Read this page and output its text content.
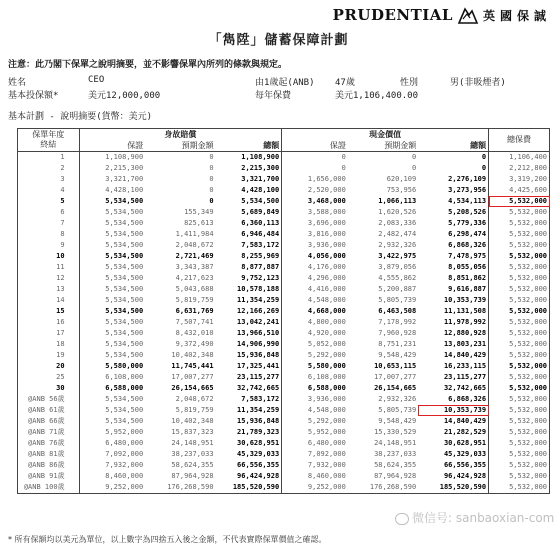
PRUDENTIAL	英國保誠
「雋陞」儲蓄保障計劃
注意：此乃閣下保單之說明摘要，並不影響保單內所列的條款與規定。
姓名	CEO	由1歲起(ANB) 47歲	性別	男(非吸煙者)
基本投保額*	美元12,000,000	每年保費	美元1,106,400.00
基本計劃 - 說明摘要(貨幣：美元)
保單年度
終結	身故賠償			現金價值			總保費
	保證	預期金額	總額	保證	預期金額	總額	
1	1,108,900	0	1,108,900	0	0	0	1,106,400
2	2,215,300	0	2,215,300	0	0	0	2,212,800
3	3,321,700	0	3,321,700	1,656,000	620,109	2,276,109	3,319,200
4	4,428,100	0	4,428,100	2,520,000	753,956	3,273,956	4,425,600
5	5,534,500	0	5,534,500	3,468,000	1,066,113	4,534,113	5,532,000
6	5,534,500	155,349	5,689,849	3,588,000	1,620,526	5,208,526	5,532,000
7	5,534,500	825,613	6,360,113	3,696,000	2,083,336	5,779,336	5,532,000
8	5,534,500	1,411,984	6,946,484	3,816,000	2,482,474	6,298,474	5,532,000
9	5,534,500	2,048,672	7,583,172	3,936,000	2,932,326	6,868,326	5,532,000
10	5,534,500	2,721,469	8,255,969	4,056,000	3,422,975	7,478,975	5,532,000
11	5,534,500	3,343,387	8,877,887	4,176,000	3,879,056	8,055,056	5,532,000
12	5,534,500	4,217,623	9,752,123	4,296,000	4,555,862	8,851,862	5,532,000
13	5,534,500	5,043,688	10,578,188	4,416,000	5,200,887	9,616,887	5,532,000
14	5,534,500	5,819,759	11,354,259	4,548,000	5,805,739	10,353,739	5,532,000
15	5,534,500	6,631,769	12,166,269	4,668,000	6,463,508	11,131,508	5,532,000
16	5,534,500	7,507,741	13,042,241	4,800,000	7,178,992	11,978,992	5,532,000
17	5,534,500	8,432,010	13,966,510	4,920,000	7,960,928	12,880,928	5,532,000
18	5,534,500	9,372,490	14,906,990	5,052,000	8,751,231	13,803,231	5,532,000
19	5,534,500	10,402,348	15,936,848	5,292,000	9,548,429	14,840,429	5,532,000
20	5,580,000	11,745,441	17,325,441	5,580,000	10,653,115	16,233,115	5,532,000
25	6,108,000	17,007,277	23,115,277	6,108,000	17,007,277	23,115,277	5,532,000
30	6,588,000	26,154,665	32,742,665	6,588,000	26,154,665	32,742,665	5,532,000
@ANB 56歲	5,534,500	2,048,672	7,583,172	3,936,000	2,932,326	6,868,326	5,532,000
@ANB 61歲	5,534,500	5,819,759	11,354,259	4,548,000	5,805,739	10,353,739	5,532,000
@ANB 66歲	5,534,500	10,402,348	15,936,848	5,292,000	9,548,429	14,840,429	5,532,000
@ANB 71歲	5,952,000	15,837,323	21,789,323	5,952,000	15,330,529	21,282,529	5,532,000
@ANB 76歲	6,480,000	24,148,951	30,628,951	6,480,000	24,148,951	30,628,951	5,532,000
@ANB 81歲	7,092,000	38,237,033	45,329,033	7,092,000	38,237,033	45,329,033	5,532,000
@ANB 86歲	7,932,000	58,624,355	66,556,355	7,932,000	58,624,355	66,556,355	5,532,000
@ANB 91歲	8,460,000	87,964,928	96,424,928	8,460,000	87,964,928	96,424,928	5,532,000
@ANB 100歲	9,252,000	176,268,590	185,520,590	9,252,000	176,268,590	185,520,590	5,532,000
微信号: sanbaoxian-com
* 所有保額均以美元為單位，以上數字為四捨五入後之金額，不代表實際保單價值之確認。
